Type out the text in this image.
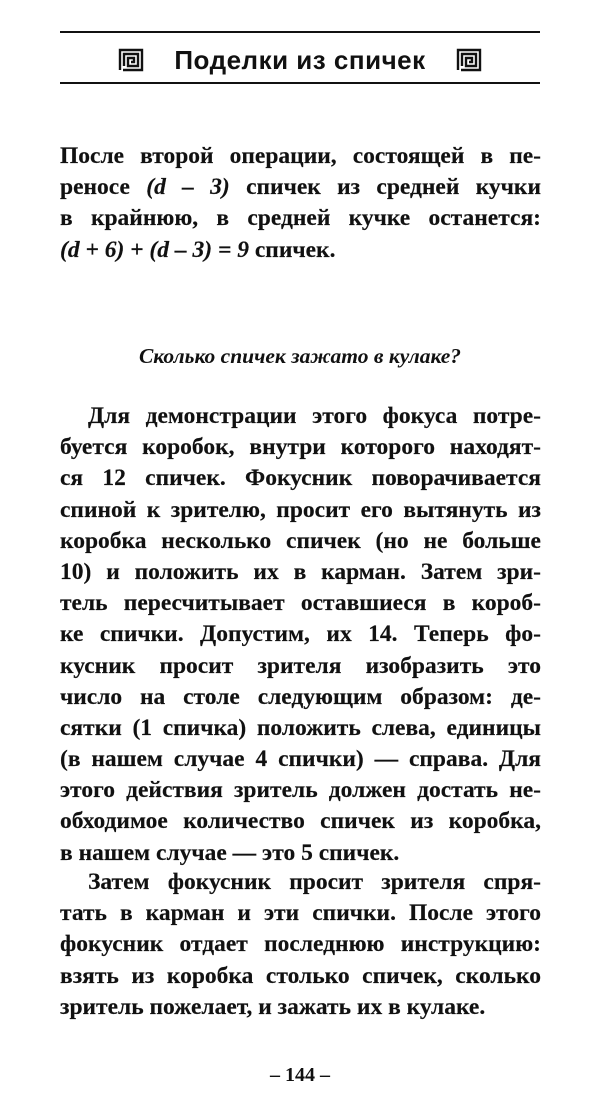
Поделки из спичек
После второй операции, состоящей в пе-
реносе (d – 3) спичек из средней кучки
в крайнюю, в средней кучке останется:
(d + 6) + (d – 3) = 9 спичек.
Сколько спичек зажато в кулаке?
Для демонстрации этого фокуса потре-
буется коробок, внутри которого находят-
ся 12 спичек. Фокусник поворачивается
спиной к зрителю, просит его вытянуть из
коробка несколько спичек (но не больше
10) и положить их в карман. Затем зри-
тель пересчитывает оставшиеся в короб-
ке спички. Допустим, их 14. Теперь фо-
кусник просит зрителя изобразить это
число на столе следующим образом: де-
сятки (1 спичка) положить слева, единицы
(в нашем случае 4 спички) — справа. Для
этого действия зритель должен достать не-
обходимое количество спичек из коробка,
в нашем случае — это 5 спичек.
Затем фокусник просит зрителя спря-
тать в карман и эти спички. После этого
фокусник отдает последнюю инструкцию:
взять из коробка столько спичек, сколько
зритель пожелает, и зажать их в кулаке.
– 144 –
